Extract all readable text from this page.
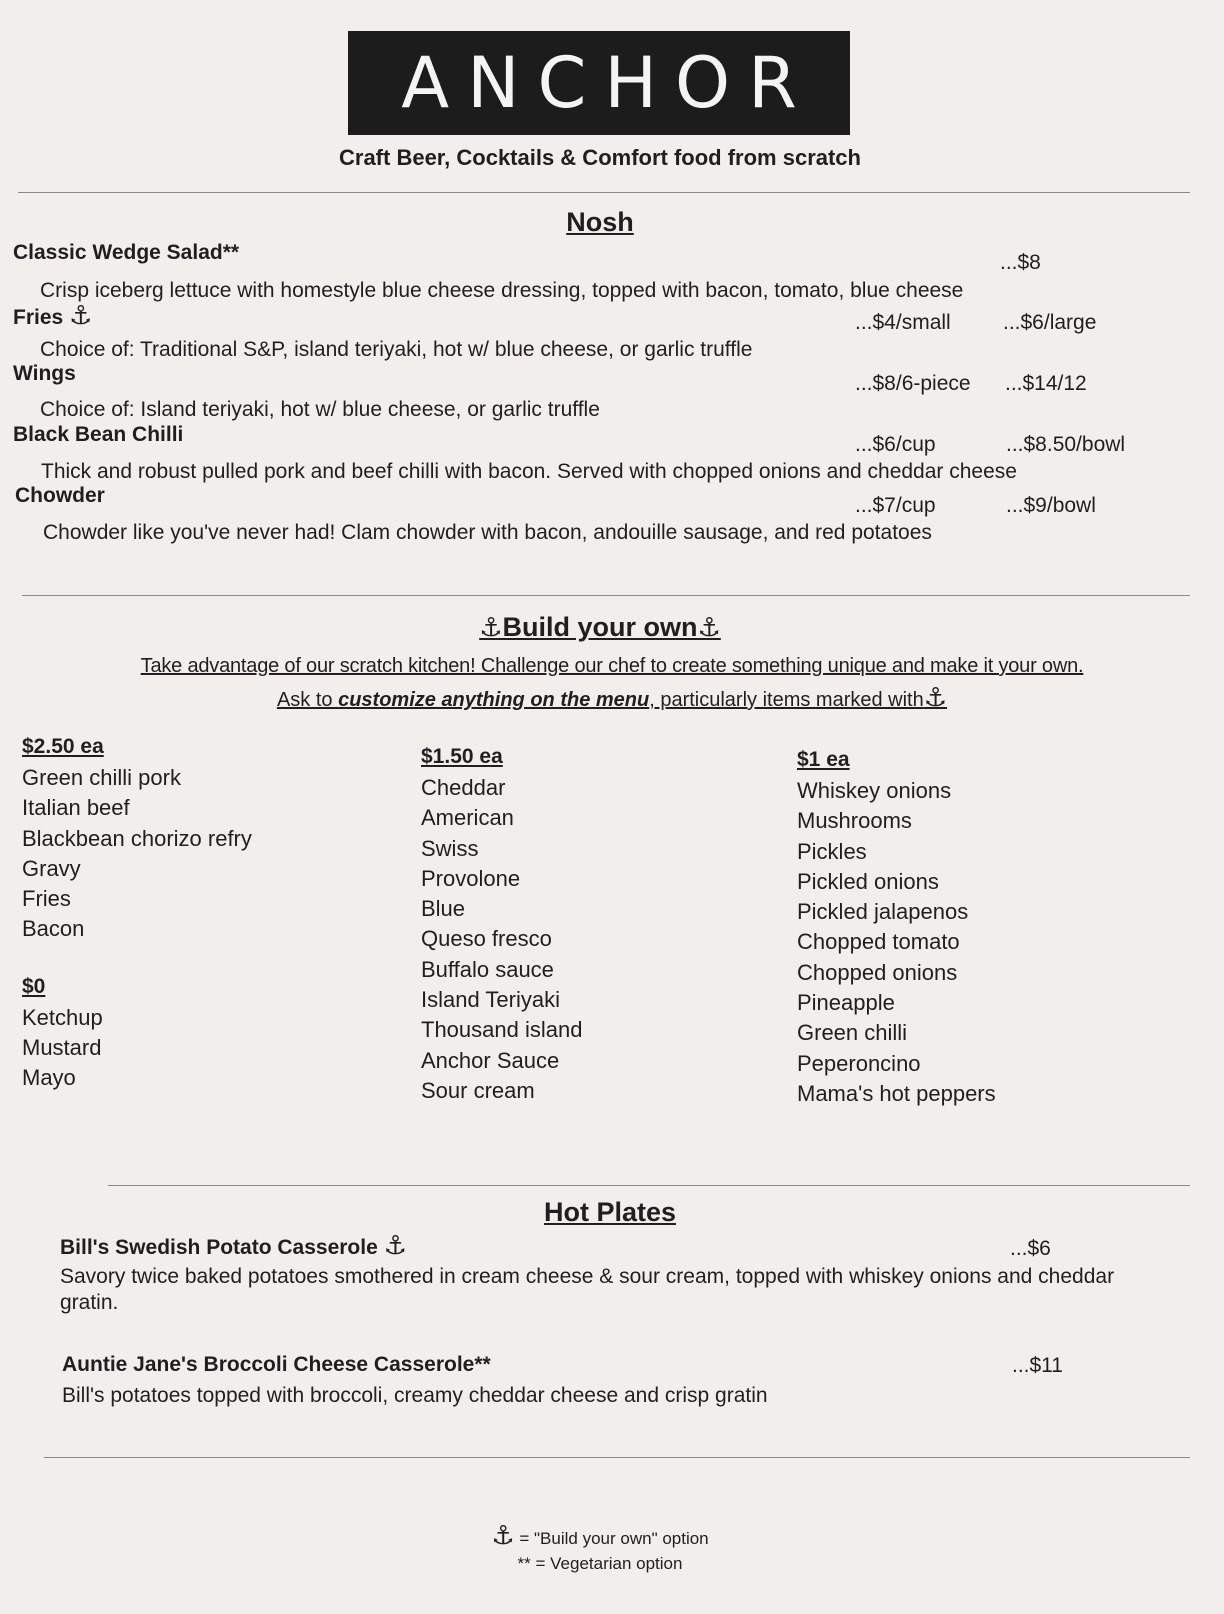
ANCHOR
Craft Beer, Cocktails & Comfort food from scratch
Nosh
Classic Wedge Salad**	...$8
Crisp iceberg lettuce with homestyle blue cheese dressing, topped with bacon, tomato, blue cheese
Fries ⚓	...$4/small ...$6/large
Choice of: Traditional S&P, island teriyaki, hot w/ blue cheese, or garlic truffle
Wings	...$8/6-piece ...$14/12
Choice of: Island teriyaki, hot w/ blue cheese, or garlic truffle
Black Bean Chilli	...$6/cup	...$8.50/bowl
Thick and robust pulled pork and beef chilli with bacon. Served with chopped onions and cheddar cheese
Chowder	...$7/cup	...$9/bowl
Chowder like you've never had! Clam chowder with bacon, andouille sausage, and red potatoes
⚓Build your own⚓
Take advantage of our scratch kitchen! Challenge our chef to create something unique and make it your own.
Ask to customize anything on the menu, particularly items marked with⚓
$2.50 ea
Green chilli pork
Italian beef
Blackbean chorizo refry
Gravy
Fries
Bacon
$0
Ketchup
Mustard
Mayo
$1.50 ea
Cheddar
American
Swiss
Provolone
Blue
Queso fresco
Buffalo sauce
Island Teriyaki
Thousand island
Anchor Sauce
Sour cream
$1 ea
Whiskey onions
Mushrooms
Pickles
Pickled onions
Pickled jalapenos
Chopped tomato
Chopped onions
Pineapple
Green chilli
Peperoncino
Mama's hot peppers
Hot Plates
Bill's Swedish Potato Casserole ⚓	...$6
Savory twice baked potatoes smothered in cream cheese & sour cream, topped with whiskey onions and cheddar
gratin.
Auntie Jane's Broccoli Cheese Casserole**	...$11
Bill's potatoes topped with broccoli, creamy cheddar cheese and crisp gratin
⚓ = "Build your own" option
** = Vegetarian option
